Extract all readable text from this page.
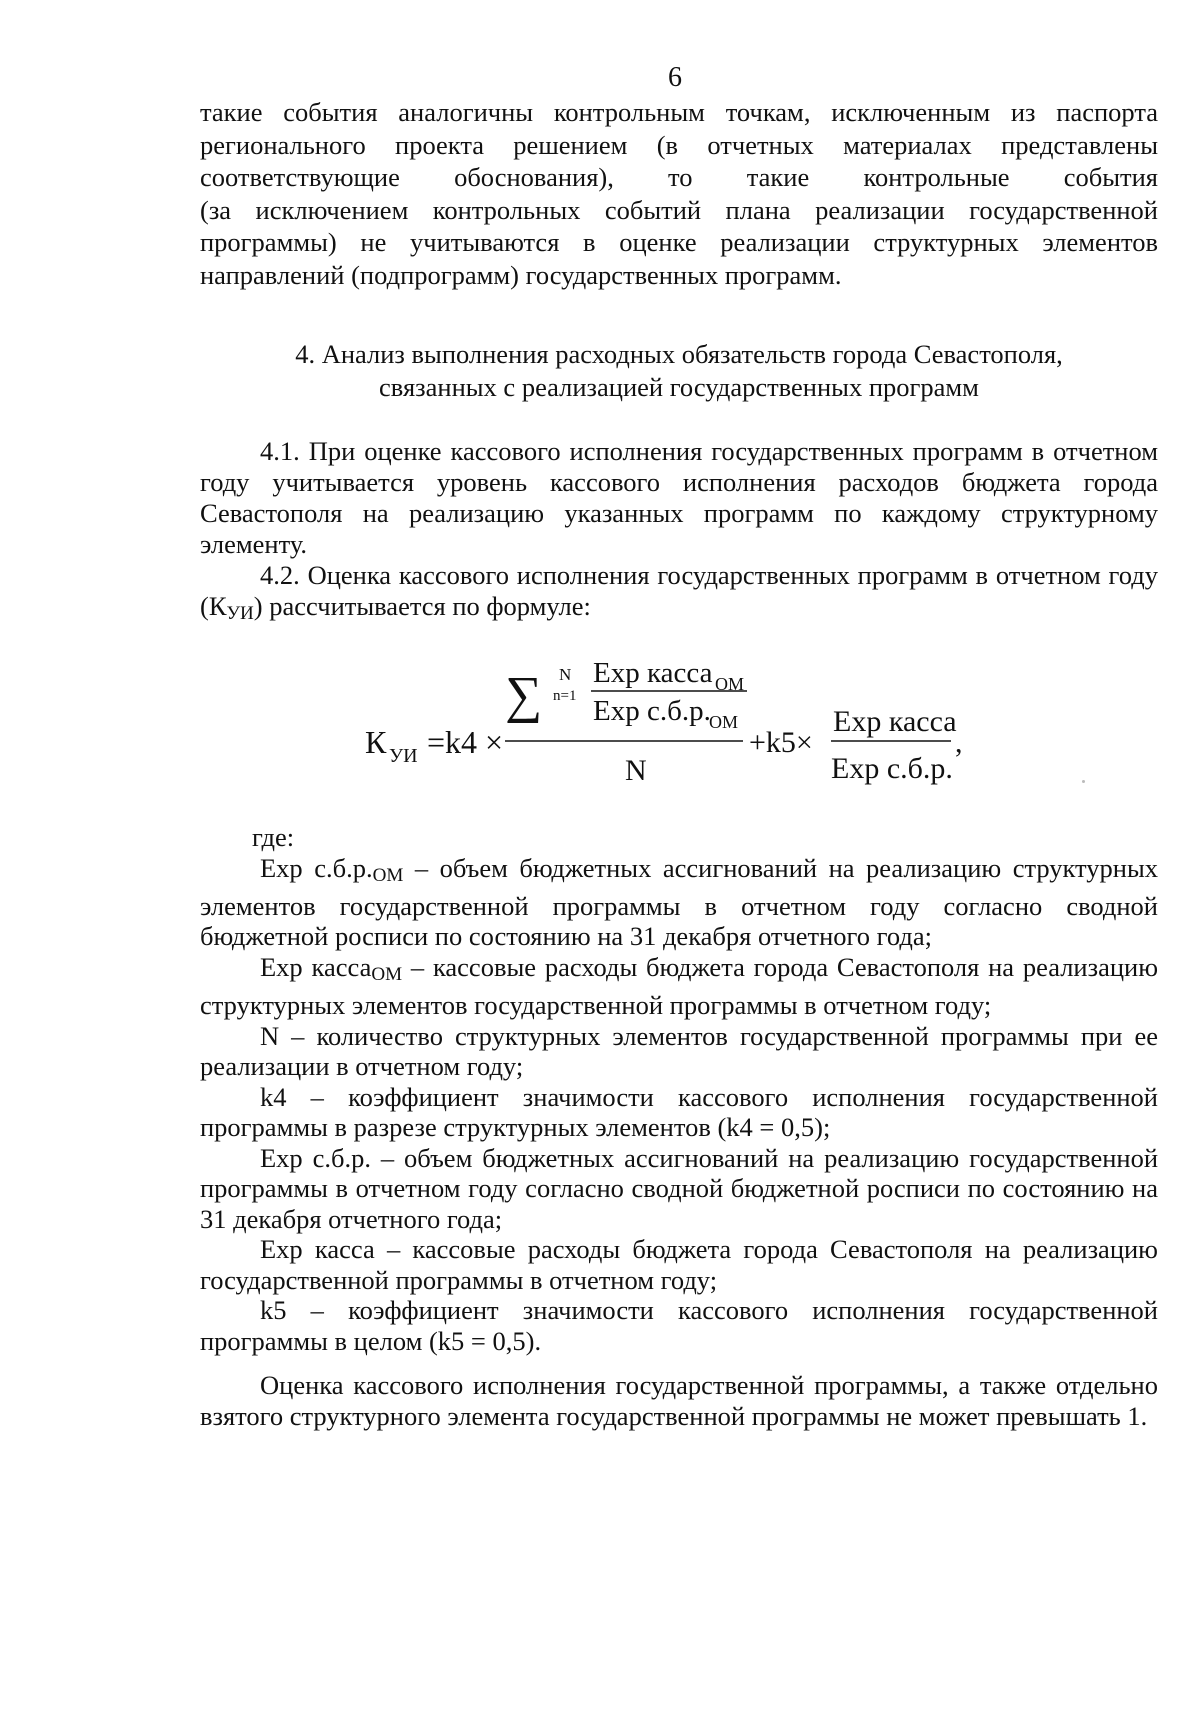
6
такие события аналогичны контрольным точкам, исключенным из паспорта
регионального проекта решением (в отчетных материалах представлены
соответствующие обоснования), то такие контрольные события
(за исключением контрольных событий плана реализации государственной
программы) не учитываются в оценке реализации структурных элементов
направлений (подпрограмм) государственных программ.
4. Анализ выполнения расходных обязательств города Севастополя,
связанных с реализацией государственных программ

4.1. При оценке кассового исполнения государственных программ в отчетном году учитывается уровень кассового исполнения расходов бюджета города Севастополя на реализацию указанных программ по каждому структурному элементу.

4.2. Оценка кассового исполнения государственных программ в отчетном году $(К_{УИ})$ рассчитывается по формуле:

К УИ =k4 ×
∑ N
n=1
Exp касса ОМ
Exp с.б.р.
ОМ
N
+k5×
Exp касса
Exp с.б.р.
,

где:

Exp $с.б.р._{ОМ}$ – объем бюджетных ассигнований на реализацию структурных элементов государственной программы в отчетном году согласно сводной бюджетной росписи по состоянию на 31 декабря отчетного года;

Exp касса$_{ОМ}$ – кассовые расходы бюджета города Севастополя на реализацию структурных элементов государственной программы в отчетном году;

N – количество структурных элементов государственной программы при ее реализации в отчетном году;

k4 – коэффициент значимости кассового исполнения государственной программы в разрезе структурных элементов (k4 = 0,5);

Exp с.б.р. – объем бюджетных ассигнований на реализацию государственной программы в отчетном году согласно сводной бюджетной росписи по состоянию на 31 декабря отчетного года;

Exp касса – кассовые расходы бюджета города Севастополя на реализацию государственной программы в отчетном году;

k5 – коэффициент значимости кассового исполнения государственной программы в целом (k5 = 0,5).

Оценка кассового исполнения государственной программы, а также отдельно взятого структурного элемента государственной программы не может превышать 1.
